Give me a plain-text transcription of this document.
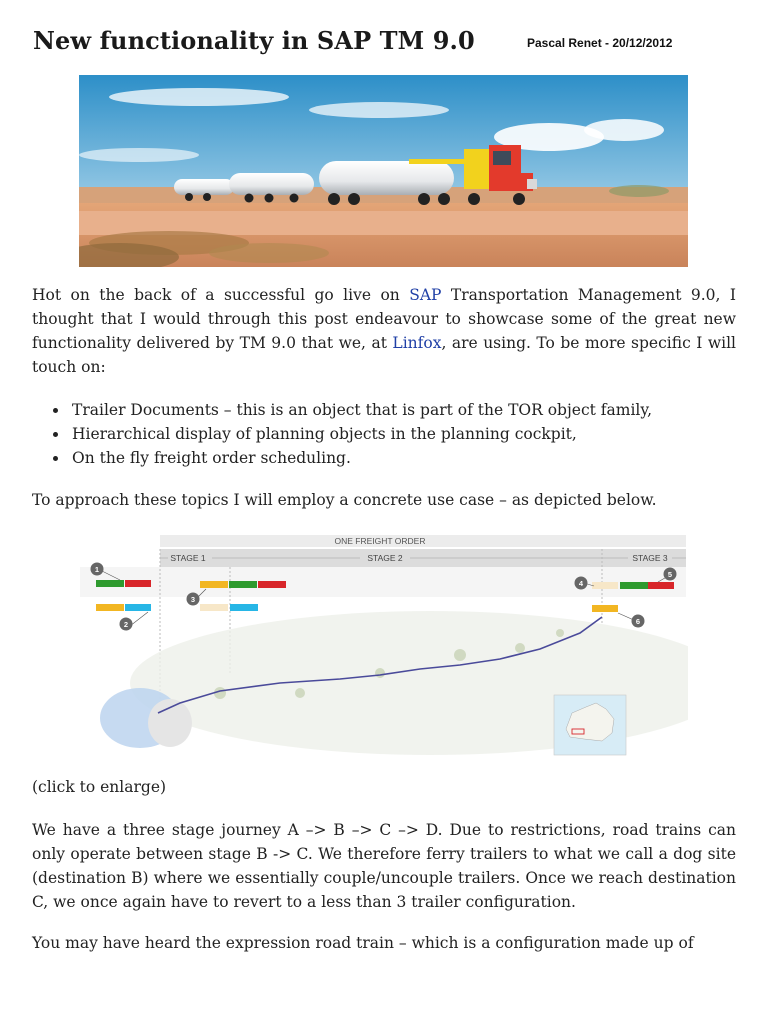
New functionality in SAP TM 9.0	Pascal Renet - 20/12/2012

Hot on the back of a successful go live on SAP Transportation Management 9.0, I thought that I would through this post endeavour to showcase some of the great new functionality delivered by TM 9.0 that we, at Linfox, are using. To be more specific I will touch on:

Trailer Documents – this is an object that is part of the TOR object family,
Hierarchical display of planning objects in the planning cockpit,
On the fly freight order scheduling.

To approach these topics I will employ a concrete use case – as depicted below.

ONE FREIGHT ORDER
STAGE 1	STAGE 2	STAGE 3
1
2
3
4
5
6

(click to enlarge)

We have a three stage journey A –> B –> C –> D. Due to restrictions, road trains can only operate between stage B -> C. We therefore ferry trailers to what we call a dog site (destination B) where we essentially couple/uncouple trailers. Once we reach destination C, we once again have to revert to a less than 3 trailer configuration.

You may have heard the expression road train – which is a configuration made up of
